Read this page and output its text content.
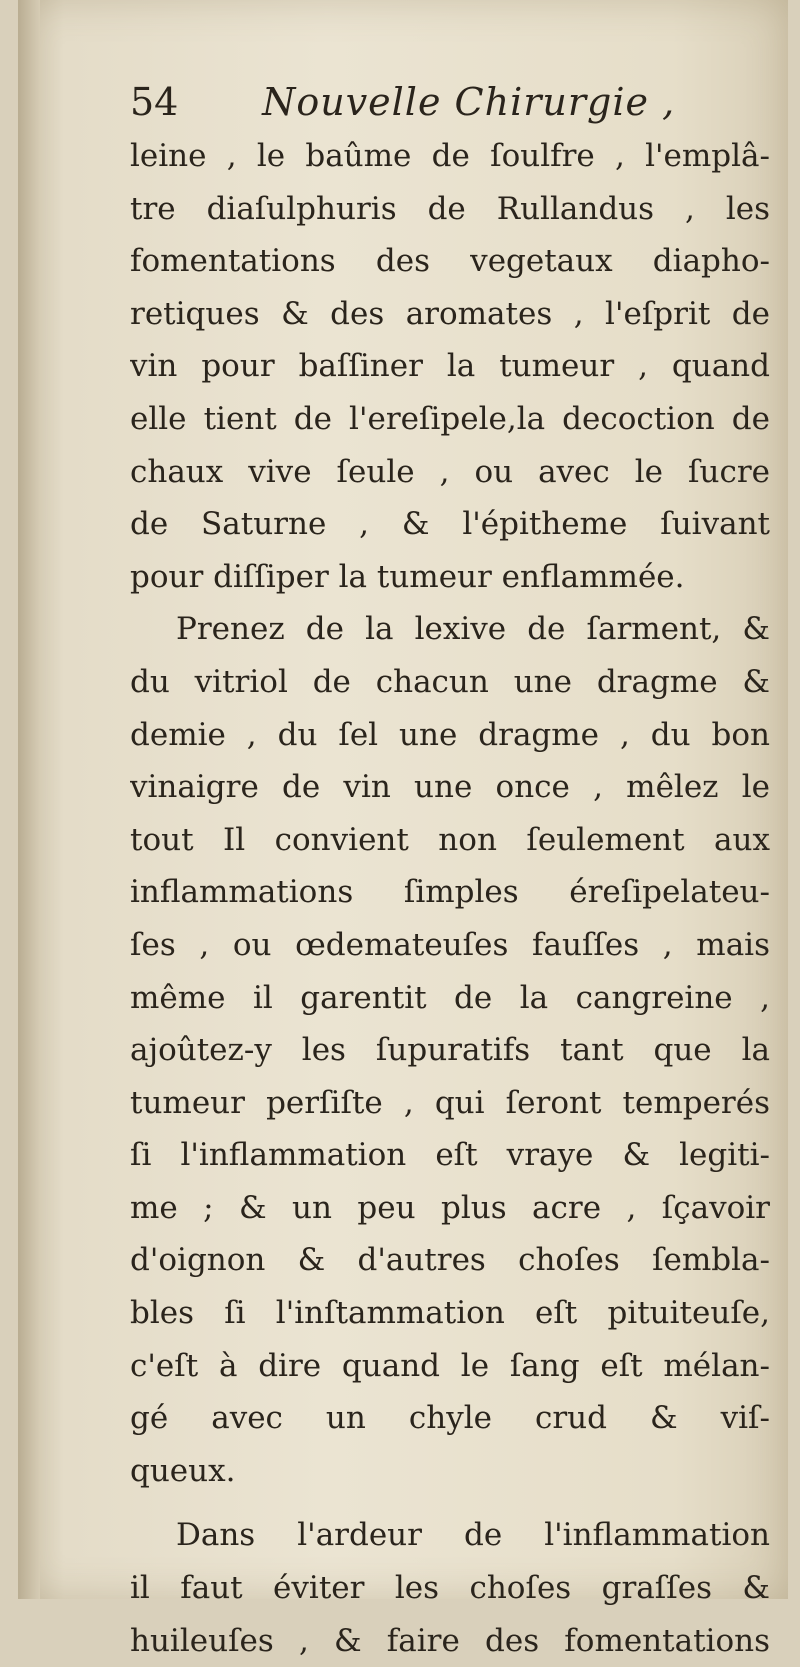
54 Nouvelle Chirurgie ,
leine , le baûme de ſoulfre , l'emplâ-
tre diaſulphuris de Rullandus , les
fomentations des vegetaux diapho-
retiques & des aromates , l'eſprit de
vin pour baſſiner la tumeur , quand
elle tient de l'ereſipele,la decoction de
chaux vive ſeule , ou avec le ſucre
de Saturne , & l'épitheme ſuivant
pour diſſiper la tumeur enflammée.
Prenez de la lexive de ſarment, &
du vitriol de chacun une dragme &
demie , du ſel une dragme , du bon
vinaigre de vin une once , mêlez le
tout Il convient non ſeulement aux
inflammations ſimples éreſipelateu-
ſes , ou œdemateuſes fauſſes , mais
même il garentit de la cangreine ,
ajoûtez-y les ſupuratifs tant que la
tumeur perſiſte , qui ſeront temperés
ſi l'inflammation eſt vraye & legiti-
me ; & un peu plus acre , ſçavoir
d'oignon & d'autres choſes ſembla-
bles ſi l'inſtammation eſt pituiteuſe,
c'eſt à dire quand le ſang eſt mélan-
gé avec un chyle crud & viſ-
queux.
Dans l'ardeur de l'inflammation
il faut éviter les choſes graſſes &
huileuſes , & faire des fomentations
